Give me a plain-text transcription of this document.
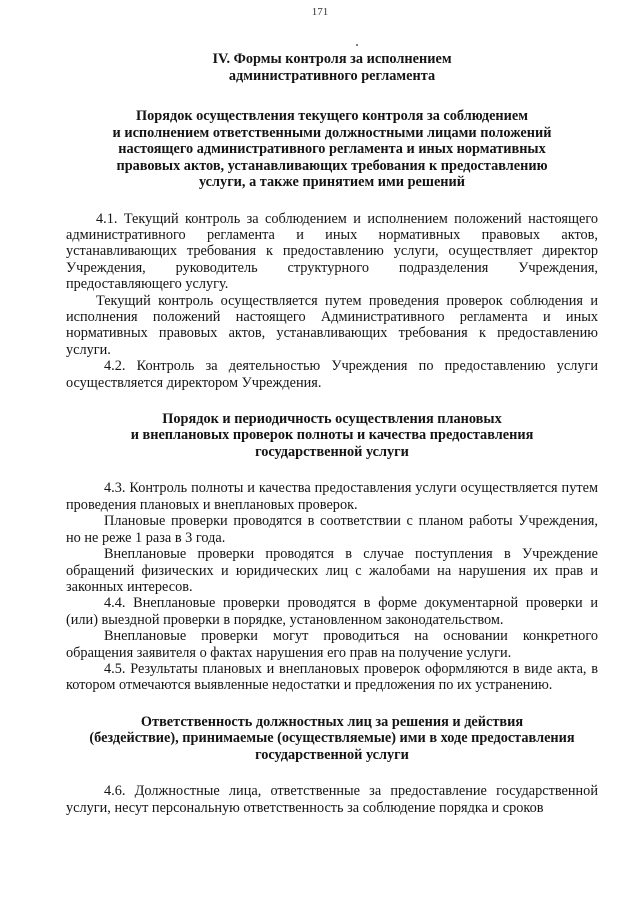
171
IV. Формы контроля за исполнением
административного регламента
Порядок осуществления текущего контроля за соблюдением
и исполнением ответственными должностными лицами положений
настоящего административного регламента и иных нормативных
правовых актов, устанавливающих требования к предоставлению
услуги, а также принятием ими решений

4.1. Текущий контроль за соблюдением и исполнением положений настоящего административного регламента и иных нормативных правовых актов, устанавливающих требования к предоставлению услуги, осуществляет директор Учреждения, руководитель структурного подразделения Учреждения, предоставляющего услугу.

Текущий контроль осуществляется путем проведения проверок соблюдения и исполнения положений настоящего Административного регламента и иных нормативных правовых актов, устанавливающих требования к предоставлению услуги.

4.2. Контроль за деятельностью Учреждения по предоставлению услуги осуществляется директором Учреждения.

Порядок и периодичность осуществления плановых
и внеплановых проверок полноты и качества предоставления
государственной услуги

4.3. Контроль полноты и качества предоставления услуги осуществляется путем проведения плановых и внеплановых проверок.

Плановые проверки проводятся в соответствии с планом работы Учреждения, но не реже 1 раза в 3 года.

Внеплановые проверки проводятся в случае поступления в Учреждение обращений физических и юридических лиц с жалобами на нарушения их прав и законных интересов.

4.4. Внеплановые проверки проводятся в форме документарной проверки и (или) выездной проверки в порядке, установленном законодательством.

Внеплановые проверки могут проводиться на основании конкретного обращения заявителя о фактах нарушения его прав на получение услуги.

4.5. Результаты плановых и внеплановых проверок оформляются в виде акта, в котором отмечаются выявленные недостатки и предложения по их устранению.

Ответственность должностных лиц за решения и действия
(бездействие), принимаемые (осуществляемые) ими в ходе предоставления
государственной услуги

4.6. Должностные лица, ответственные за предоставление государственной услуги, несут персональную ответственность за соблюдение порядка и сроков
